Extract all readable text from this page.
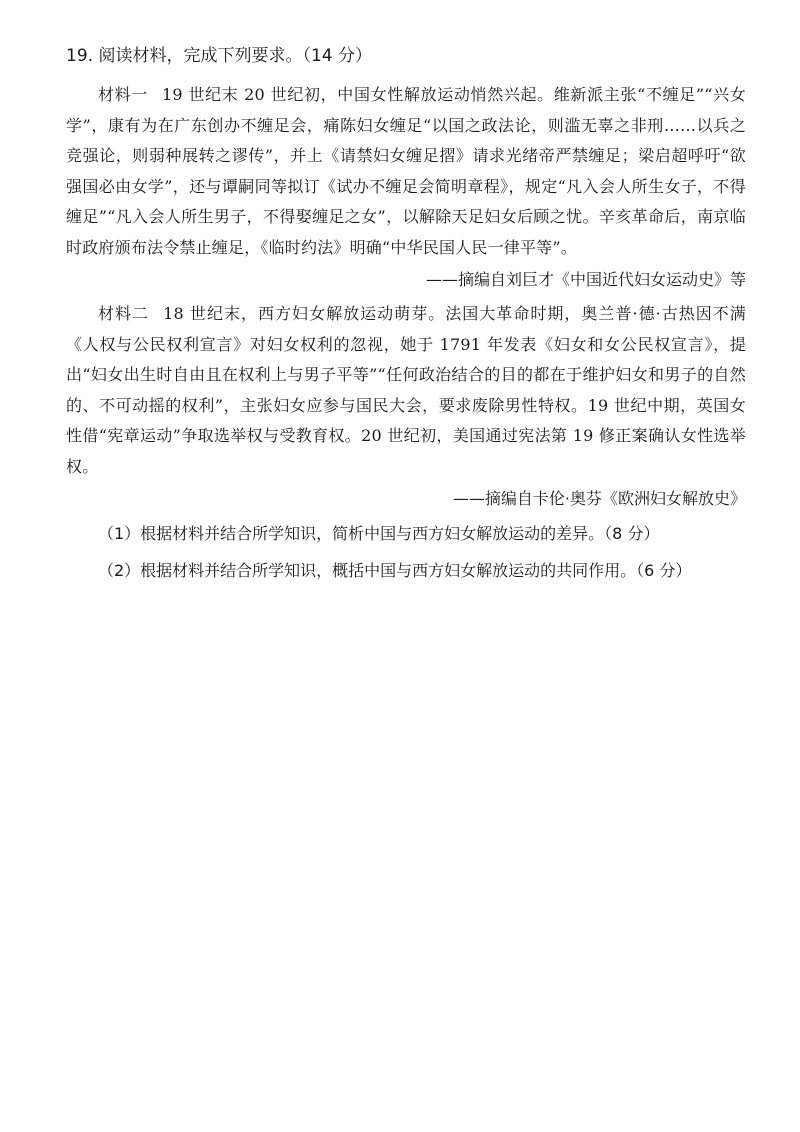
19. 阅读材料，完成下列要求。（14 分）

材料一 19 世纪末 20 世纪初，中国女性解放运动悄然兴起。维新派主张“不缠足”“兴女学”，康有为在广东创办不缠足会，痛陈妇女缠足“以国之政法论，则滥无辜之非刑……以兵之竞强论，则弱种展转之谬传”，并上《请禁妇女缠足摺》请求光绪帝严禁缠足；梁启超呼吁“欲强国必由女学”，还与谭嗣同等拟订《试办不缠足会简明章程》，规定“凡入会人所生女子，不得缠足”“凡入会人所生男子，不得娶缠足之女”，以解除天足妇女后顾之忧。辛亥革命后，南京临时政府颁布法令禁止缠足，《临时约法》明确“中华民国人民一律平等”。

——摘编自刘巨才《中国近代妇女运动史》等

材料二 18 世纪末，西方妇女解放运动萌芽。法国大革命时期，奥兰普·德·古热因不满《人权与公民权利宣言》对妇女权利的忽视，她于 1791 年发表《妇女和女公民权宣言》，提出“妇女出生时自由且在权利上与男子平等”“任何政治结合的目的都在于维护妇女和男子的自然的、不可动摇的权利”，主张妇女应参与国民大会，要求废除男性特权。19 世纪中期，英国女性借“宪章运动”争取选举权与受教育权。20 世纪初，美国通过宪法第 19 修正案确认女性选举权。

——摘编自卡伦·奥芬《欧洲妇女解放史》

（1）根据材料并结合所学知识，简析中国与西方妇女解放运动的差异。（8 分）

（2）根据材料并结合所学知识，概括中国与西方妇女解放运动的共同作用。（6 分）
